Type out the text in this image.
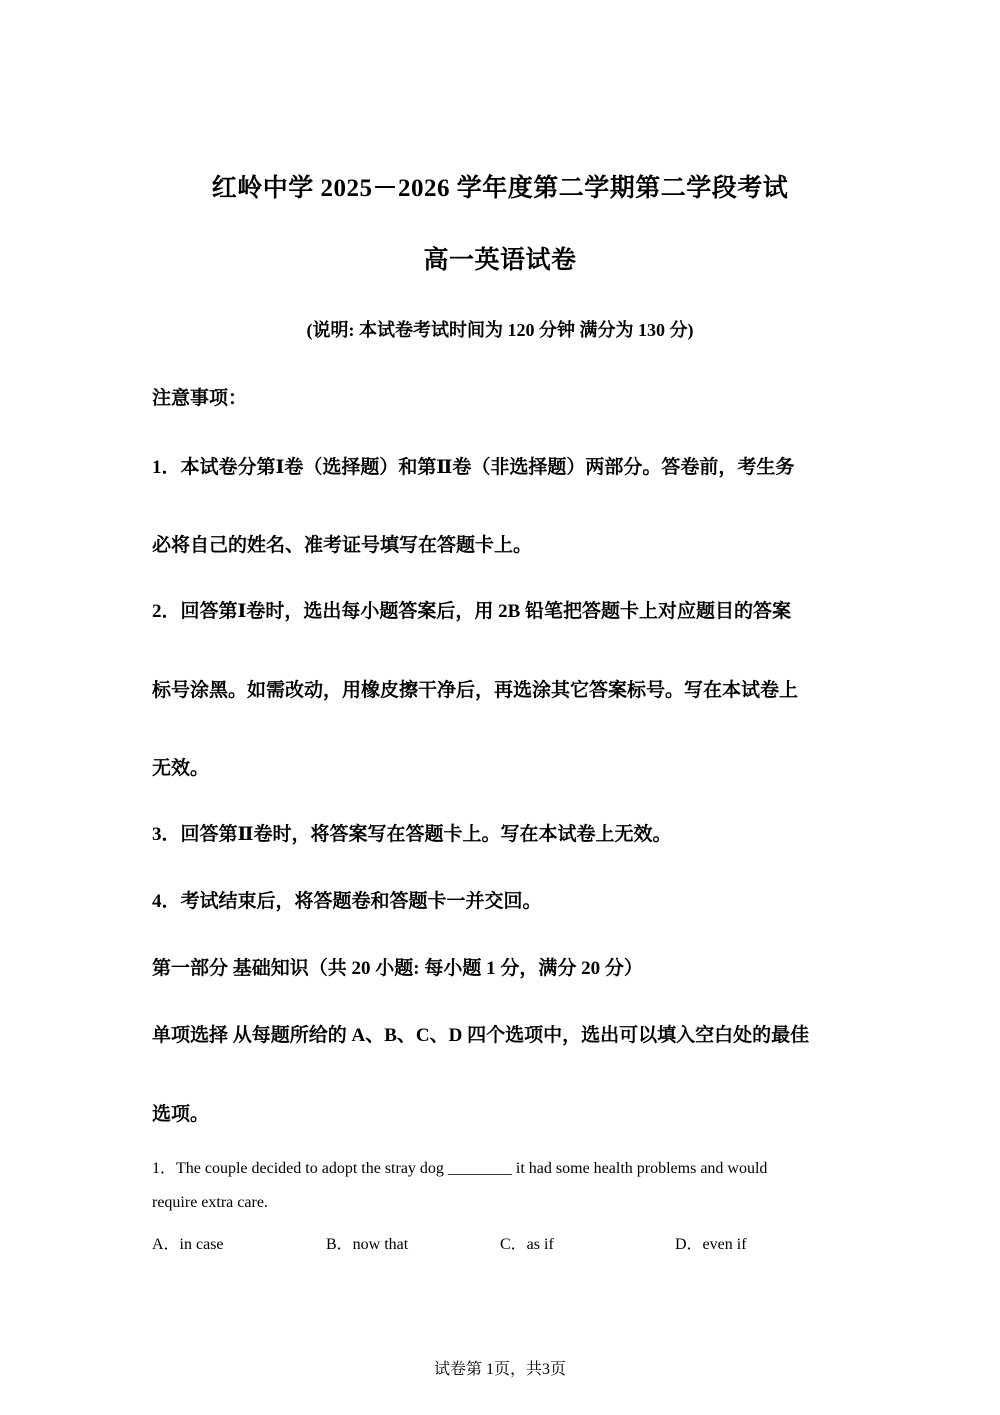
红岭中学 2025－2026 学年度第二学期第二学段考试
高一英语试卷
(说明: 本试卷考试时间为 120 分钟 满分为 130 分)
注意事项：
1．本试卷分第Ⅰ卷（选择题）和第Ⅱ卷（非选择题）两部分。答卷前，考生务
必将自己的姓名、准考证号填写在答题卡上。
2．回答第Ⅰ卷时，选出每小题答案后，用 2B 铅笔把答题卡上对应题目的答案
标号涂黑。如需改动，用橡皮擦干净后，再选涂其它答案标号。写在本试卷上
无效。
3．回答第Ⅱ卷时，将答案写在答题卡上。写在本试卷上无效。
4．考试结束后，将答题卷和答题卡一并交回。
第一部分 基础知识（共 20 小题: 每小题 1 分，满分 20 分）
单项选择 从每题所给的 A、B、C、D 四个选项中，选出可以填入空白处的最佳
选项。
1．The couple decided to adopt the stray dog ________ it had some health problems and would
require extra care.
A．in case	B．now that	C．as if	D．even if
试卷第 1页，共3页
